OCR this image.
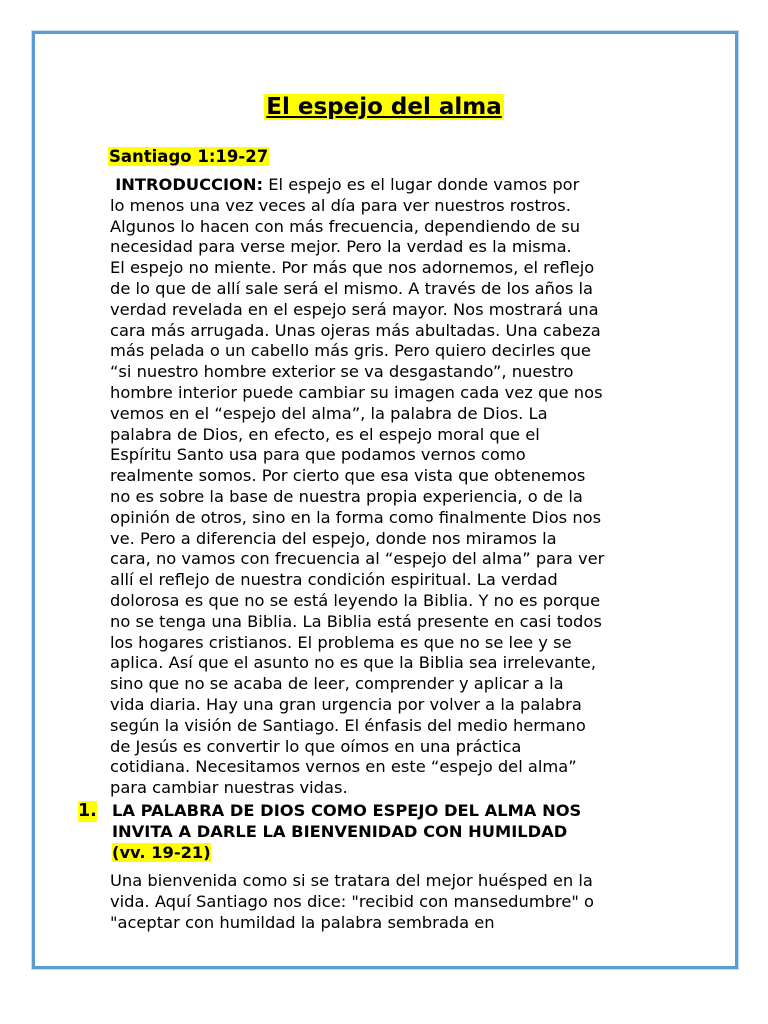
El espejo del alma
Santiago 1:19-27
INTRODUCCION: El espejo es el lugar donde vamos por
lo menos una vez veces al día para ver nuestros rostros.
Algunos lo hacen con más frecuencia, dependiendo de su
necesidad para verse mejor. Pero la verdad es la misma.
El espejo no miente. Por más que nos adornemos, el reflejo
de lo que de allí sale será el mismo. A través de los años la
verdad revelada en el espejo será mayor. Nos mostrará una
cara más arrugada. Unas ojeras más abultadas. Una cabeza
más pelada o un cabello más gris. Pero quiero decirles que
“si nuestro hombre exterior se va desgastando”, nuestro
hombre interior puede cambiar su imagen cada vez que nos
vemos en el “espejo del alma”, la palabra de Dios. La
palabra de Dios, en efecto, es el espejo moral que el
Espíritu Santo usa para que podamos vernos como
realmente somos. Por cierto que esa vista que obtenemos
no es sobre la base de nuestra propia experiencia, o de la
opinión de otros, sino en la forma como finalmente Dios nos
ve. Pero a diferencia del espejo, donde nos miramos la
cara, no vamos con frecuencia al “espejo del alma” para ver
allí el reflejo de nuestra condición espiritual. La verdad
dolorosa es que no se está leyendo la Biblia. Y no es porque
no se tenga una Biblia. La Biblia está presente en casi todos
los hogares cristianos. El problema es que no se lee y se
aplica. Así que el asunto no es que la Biblia sea irrelevante,
sino que no se acaba de leer, comprender y aplicar a la
vida diaria. Hay una gran urgencia por volver a la palabra
según la visión de Santiago. El énfasis del medio hermano
de Jesús es convertir lo que oímos en una práctica
cotidiana. Necesitamos vernos en este “espejo del alma”
para cambiar nuestras vidas.
1. LA PALABRA DE DIOS COMO ESPEJO DEL ALMA NOS
INVITA A DARLE LA BIENVENIDAD CON HUMILDAD
(vv. 19-21)
Una bienvenida como si se tratara del mejor huésped en la
vida. Aquí Santiago nos dice: "recibid con mansedumbre" o
"aceptar con humildad la palabra sembrada en
